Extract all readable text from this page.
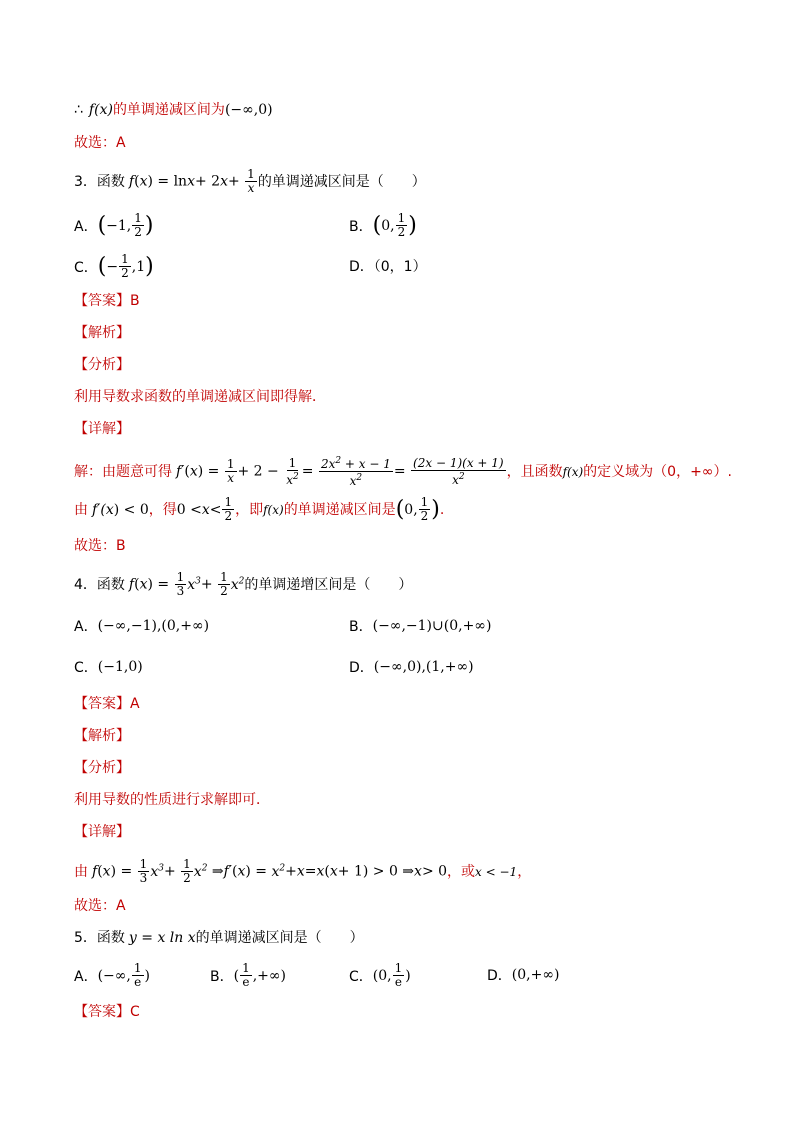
∴ f(x) 的单调递减区间为 (−∞,0)
故选：A
3．函数 $f(x) = \ln x+ 2x+ \frac{1}{x}$ 的单调递减区间是（　　）
A． ( −1, $\frac{1}{2}$ )	B． ( 0, $\frac{1}{2}$ )
C． ( − $\frac{1}{2} ,1$ )	D．（0，1）
【答案】 B
【解析】
【分析】
利用导数求函数的单调递减区间即得解．
【详解】
解：由题意可得 $f'(x) = \frac{1}{x} + 2 - \frac{1}{x^2} = \frac{2x^2 + x - 1}{x^2} = \frac{(2x - 1)(x + 1)}{x^2}$ ，且函数 f(x) 的定义域为（0，+∞）.
由 f′(x) < 0 ，得 $0 < x < \frac{1}{2}$ ，即 f(x) 的单调递减区间是 ( 0, $\frac{1}{2}$ ) .
故选：B
4．函数 $f(x) = \frac{1}{3} x^3+ \frac{1}{2} x^2$ 的单调递增区间是（　　）
A． (−∞,−1),(0,+∞)	B． (−∞,−1)∪(0,+∞)
C． (−1,0)	D． (−∞,0),(1,+∞)
【答案】 A
【解析】
【分析】
利用导数的性质进行求解即可．
【详解】
由 $f(x) = \frac{1}{3} x^3+ \frac{1}{2} x^2$ ⇒f′(x) = $x^2+x=x(x+ 1) > 0$ ⇒x> 0 ，或 x < −1 ，
故选：A
5．函数 y = x ln x 的单调递减区间是（　　）
A． (−∞, $\frac{1}{e}$ )	B． ( $\frac{1}{e}$ ,+∞)	C． (0, $\frac{1}{e}$ )	D． (0,+∞)
【答案】 C
